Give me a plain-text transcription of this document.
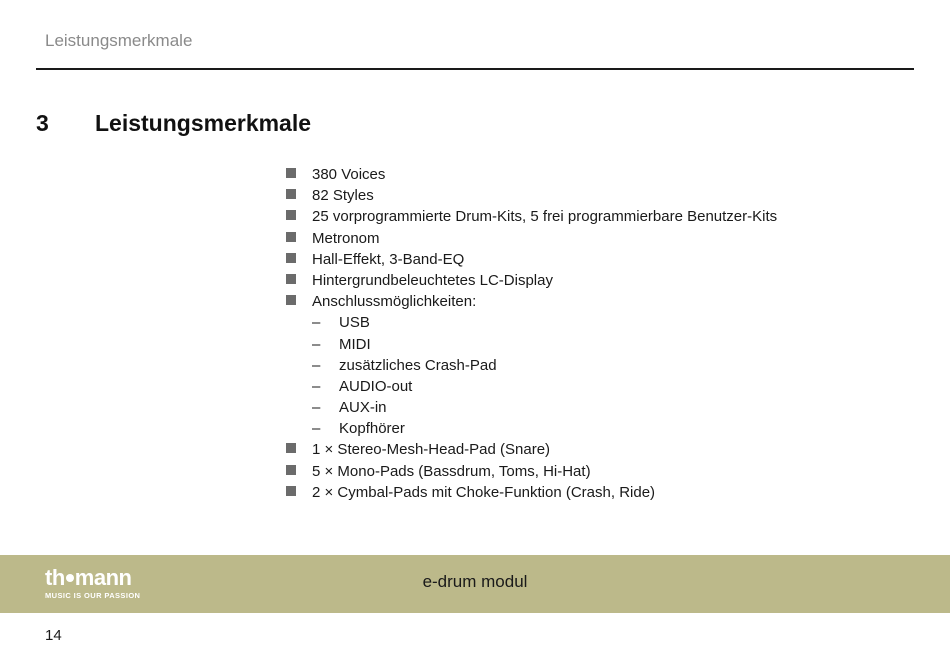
Leistungsmerkmale
3 Leistungsmerkmale
380 Voices
82 Styles
25 vorprogrammierte Drum-Kits, 5 frei programmierbare Benutzer-Kits
Metronom
Hall-Effekt, 3-Band-EQ
Hintergrundbeleuchtetes LC-Display
Anschlussmöglichkeiten:
– USB
– MIDI
– zusätzliches Crash-Pad
– AUDIO-out
– AUX-in
– Kopfhörer
1 × Stereo-Mesh-Head-Pad (Snare)
5 × Mono-Pads (Bassdrum, Toms, Hi-Hat)
2 × Cymbal-Pads mit Choke-Funktion (Crash, Ride)
th mann
MUSIC IS OUR PASSION
e-drum modul
14
